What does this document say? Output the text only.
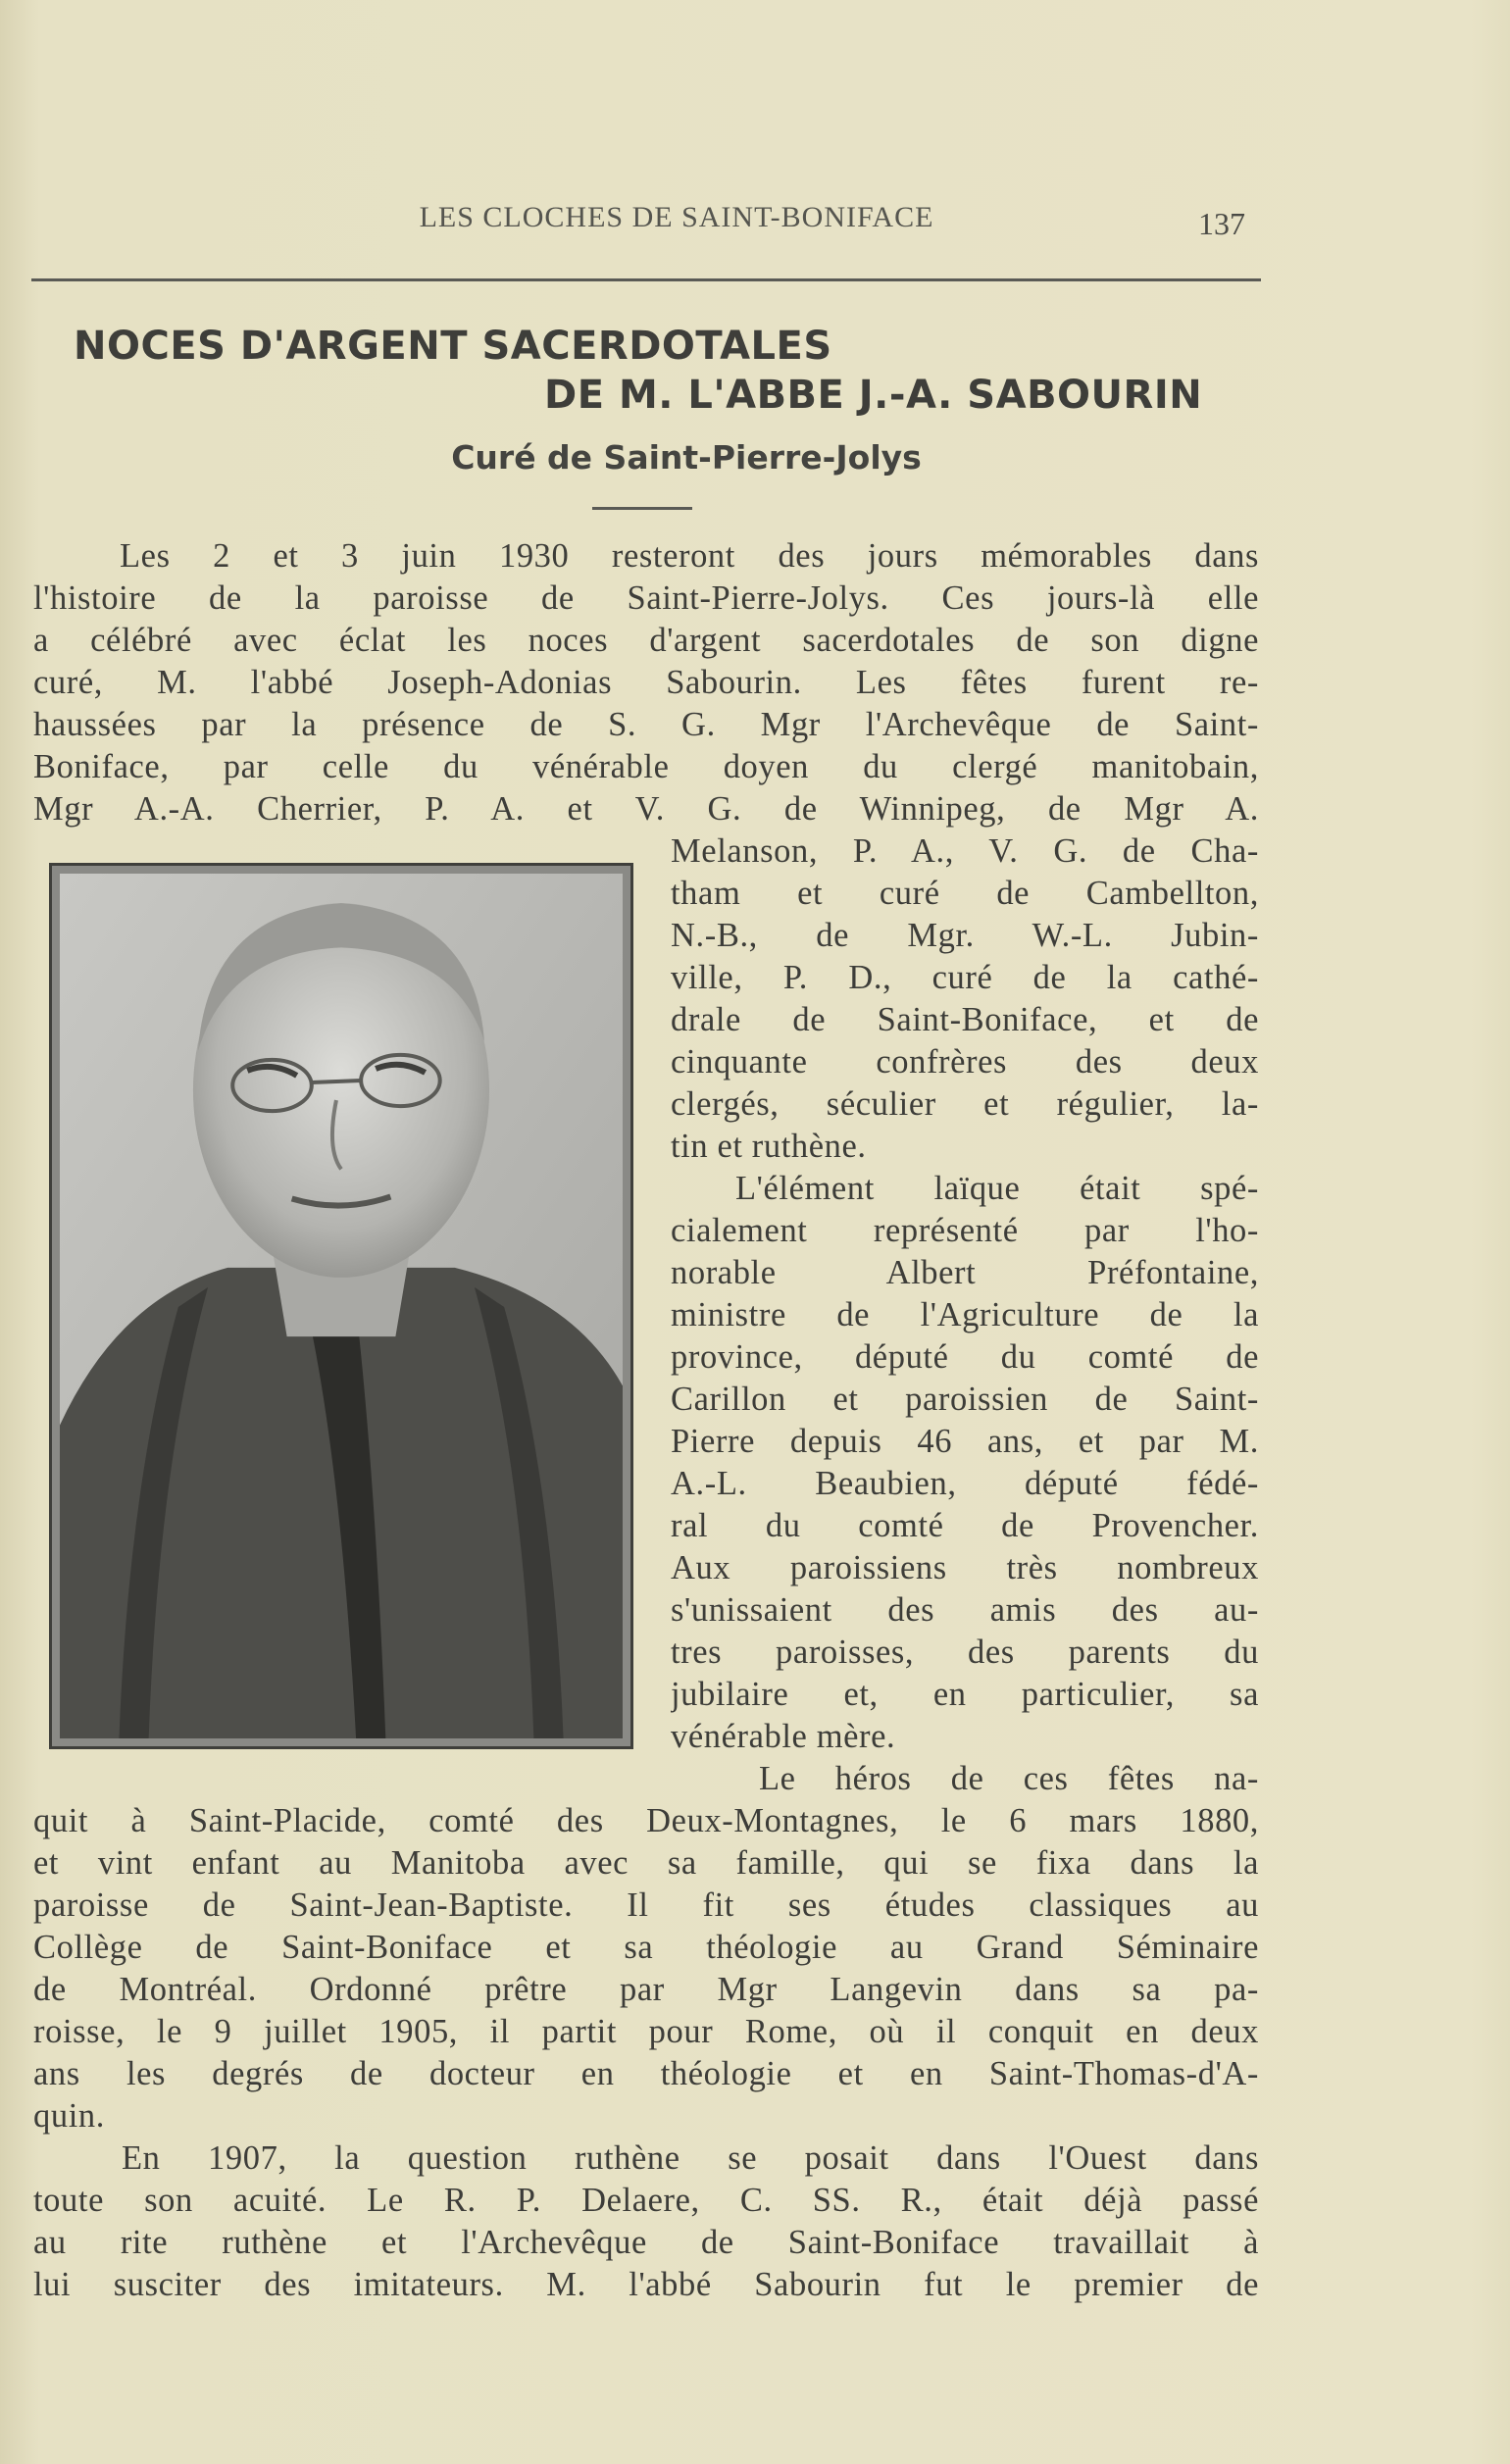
LES CLOCHES DE SAINT-BONIFACE	137
NOCES D'ARGENT SACERDOTALES
DE M. L'ABBE J.-A. SABOURIN
Curé de Saint-Pierre-Jolys
Les 2 et 3 juin 1930 resteront des jours mémorables dans
l'histoire de la paroisse de Saint-Pierre-Jolys. Ces jours-là elle
a célébré avec éclat les noces d'argent sacerdotales de son digne
curé, M. l'abbé Joseph-Adonias Sabourin. Les fêtes furent re-
haussées par la présence de S. G. Mgr l'Archevêque de Saint-
Boniface, par celle du vénérable doyen du clergé manitobain,
Mgr A.-A. Cherrier, P. A. et V. G. de Winnipeg, de Mgr A.
Melanson, P. A., V. G. de Cha-
tham et curé de Cambellton,
N.-B., de Mgr. W.-L. Jubin-
ville, P. D., curé de la cathé-
drale de Saint-Boniface, et de
cinquante confrères des deux
clergés, séculier et régulier, la-
tin et ruthène.
L'élément laïque était spé-
cialement représenté par l'ho-
norable Albert Préfontaine,
ministre de l'Agriculture de la
province, député du comté de
Carillon et paroissien de Saint-
Pierre depuis 46 ans, et par M.
A.-L. Beaubien, député fédé-
ral du comté de Provencher.
Aux paroissiens très nombreux
s'unissaient des amis des au-
tres paroisses, des parents du
jubilaire et, en particulier, sa
vénérable mère.
Le héros de ces fêtes na-
quit à Saint-Placide, comté des Deux-Montagnes, le 6 mars 1880,
et vint enfant au Manitoba avec sa famille, qui se fixa dans la
paroisse de Saint-Jean-Baptiste. Il fit ses études classiques au
Collège de Saint-Boniface et sa théologie au Grand Séminaire
de Montréal. Ordonné prêtre par Mgr Langevin dans sa pa-
roisse, le 9 juillet 1905, il partit pour Rome, où il conquit en deux
ans les degrés de docteur en théologie et en Saint-Thomas-d'A-
quin.
En 1907, la question ruthène se posait dans l'Ouest dans
toute son acuité. Le R. P. Delaere, C. SS. R., était déjà passé
au rite ruthène et l'Archevêque de Saint-Boniface travaillait à
lui susciter des imitateurs. M. l'abbé Sabourin fut le premier de
